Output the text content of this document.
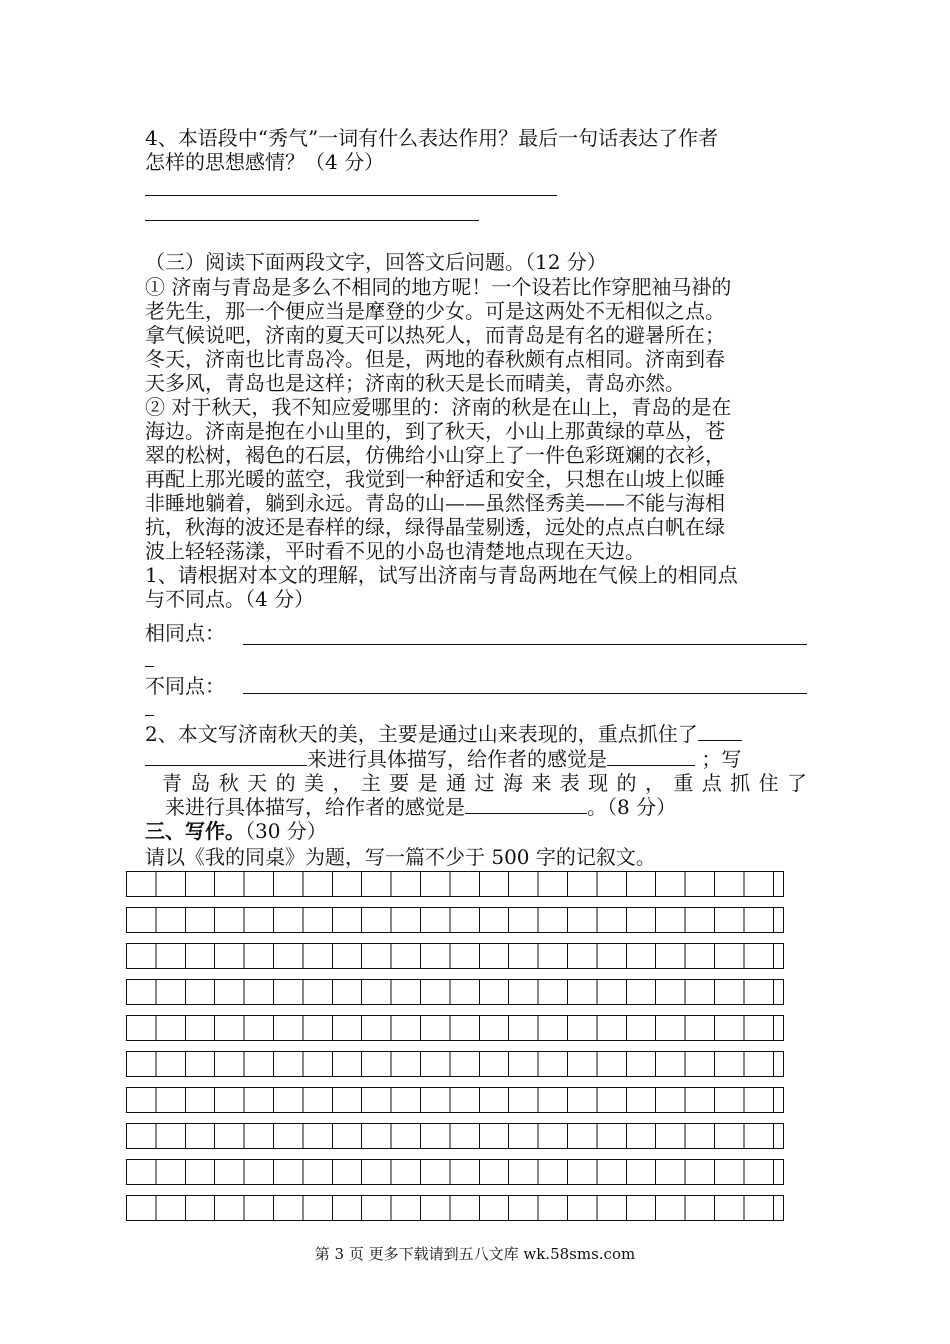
4、本语段中“秀气”一词有什么表达作用？最后一句话表达了作者
怎样的思想感情？（4 分）
（三）阅读下面两段文字，回答文后问题。（12 分）
① 济南与青岛是多么不相同的地方呢！一个设若比作穿肥袖马褂的
老先生，那一个便应当是摩登的少女。可是这两处不无相似之点。
拿气候说吧，济南的夏天可以热死人，而青岛是有名的避暑所在；
冬天，济南也比青岛冷。但是，两地的春秋颇有点相同。济南到春
天多风，青岛也是这样；济南的秋天是长而晴美，青岛亦然。
② 对于秋天，我不知应爱哪里的：济南的秋是在山上，青岛的是在
海边。济南是抱在小山里的，到了秋天，小山上那黄绿的草丛，苍
翠的松树，褐色的石层，仿佛给小山穿上了一件色彩斑斓的衣衫，
再配上那光暖的蓝空，我觉到一种舒适和安全，只想在山坡上似睡
非睡地躺着，躺到永远。青岛的山——虽然怪秀美——不能与海相
抗，秋海的波还是春样的绿，绿得晶莹剔透，远处的点点白帆在绿
波上轻轻荡漾，平时看不见的小岛也清楚地点现在天边。
1、请根据对本文的理解，试写出济南与青岛两地在气候上的相同点
与不同点。（4 分）
相同点：
不同点：
2、本文写济南秋天的美，主要是通过山来表现的，重点抓住了
来进行具体描写，给作者的感觉是	；写
青岛秋天的美，主要是通过海来表现的，重点抓住了
来进行具体描写，给作者的感觉是	。（8 分）
三、写作。（30 分）
请以《我的同桌》为题，写一篇不少于 500 字的记叙文。
第 3 页 更多下载请到五八文库 wk.58sms.com
